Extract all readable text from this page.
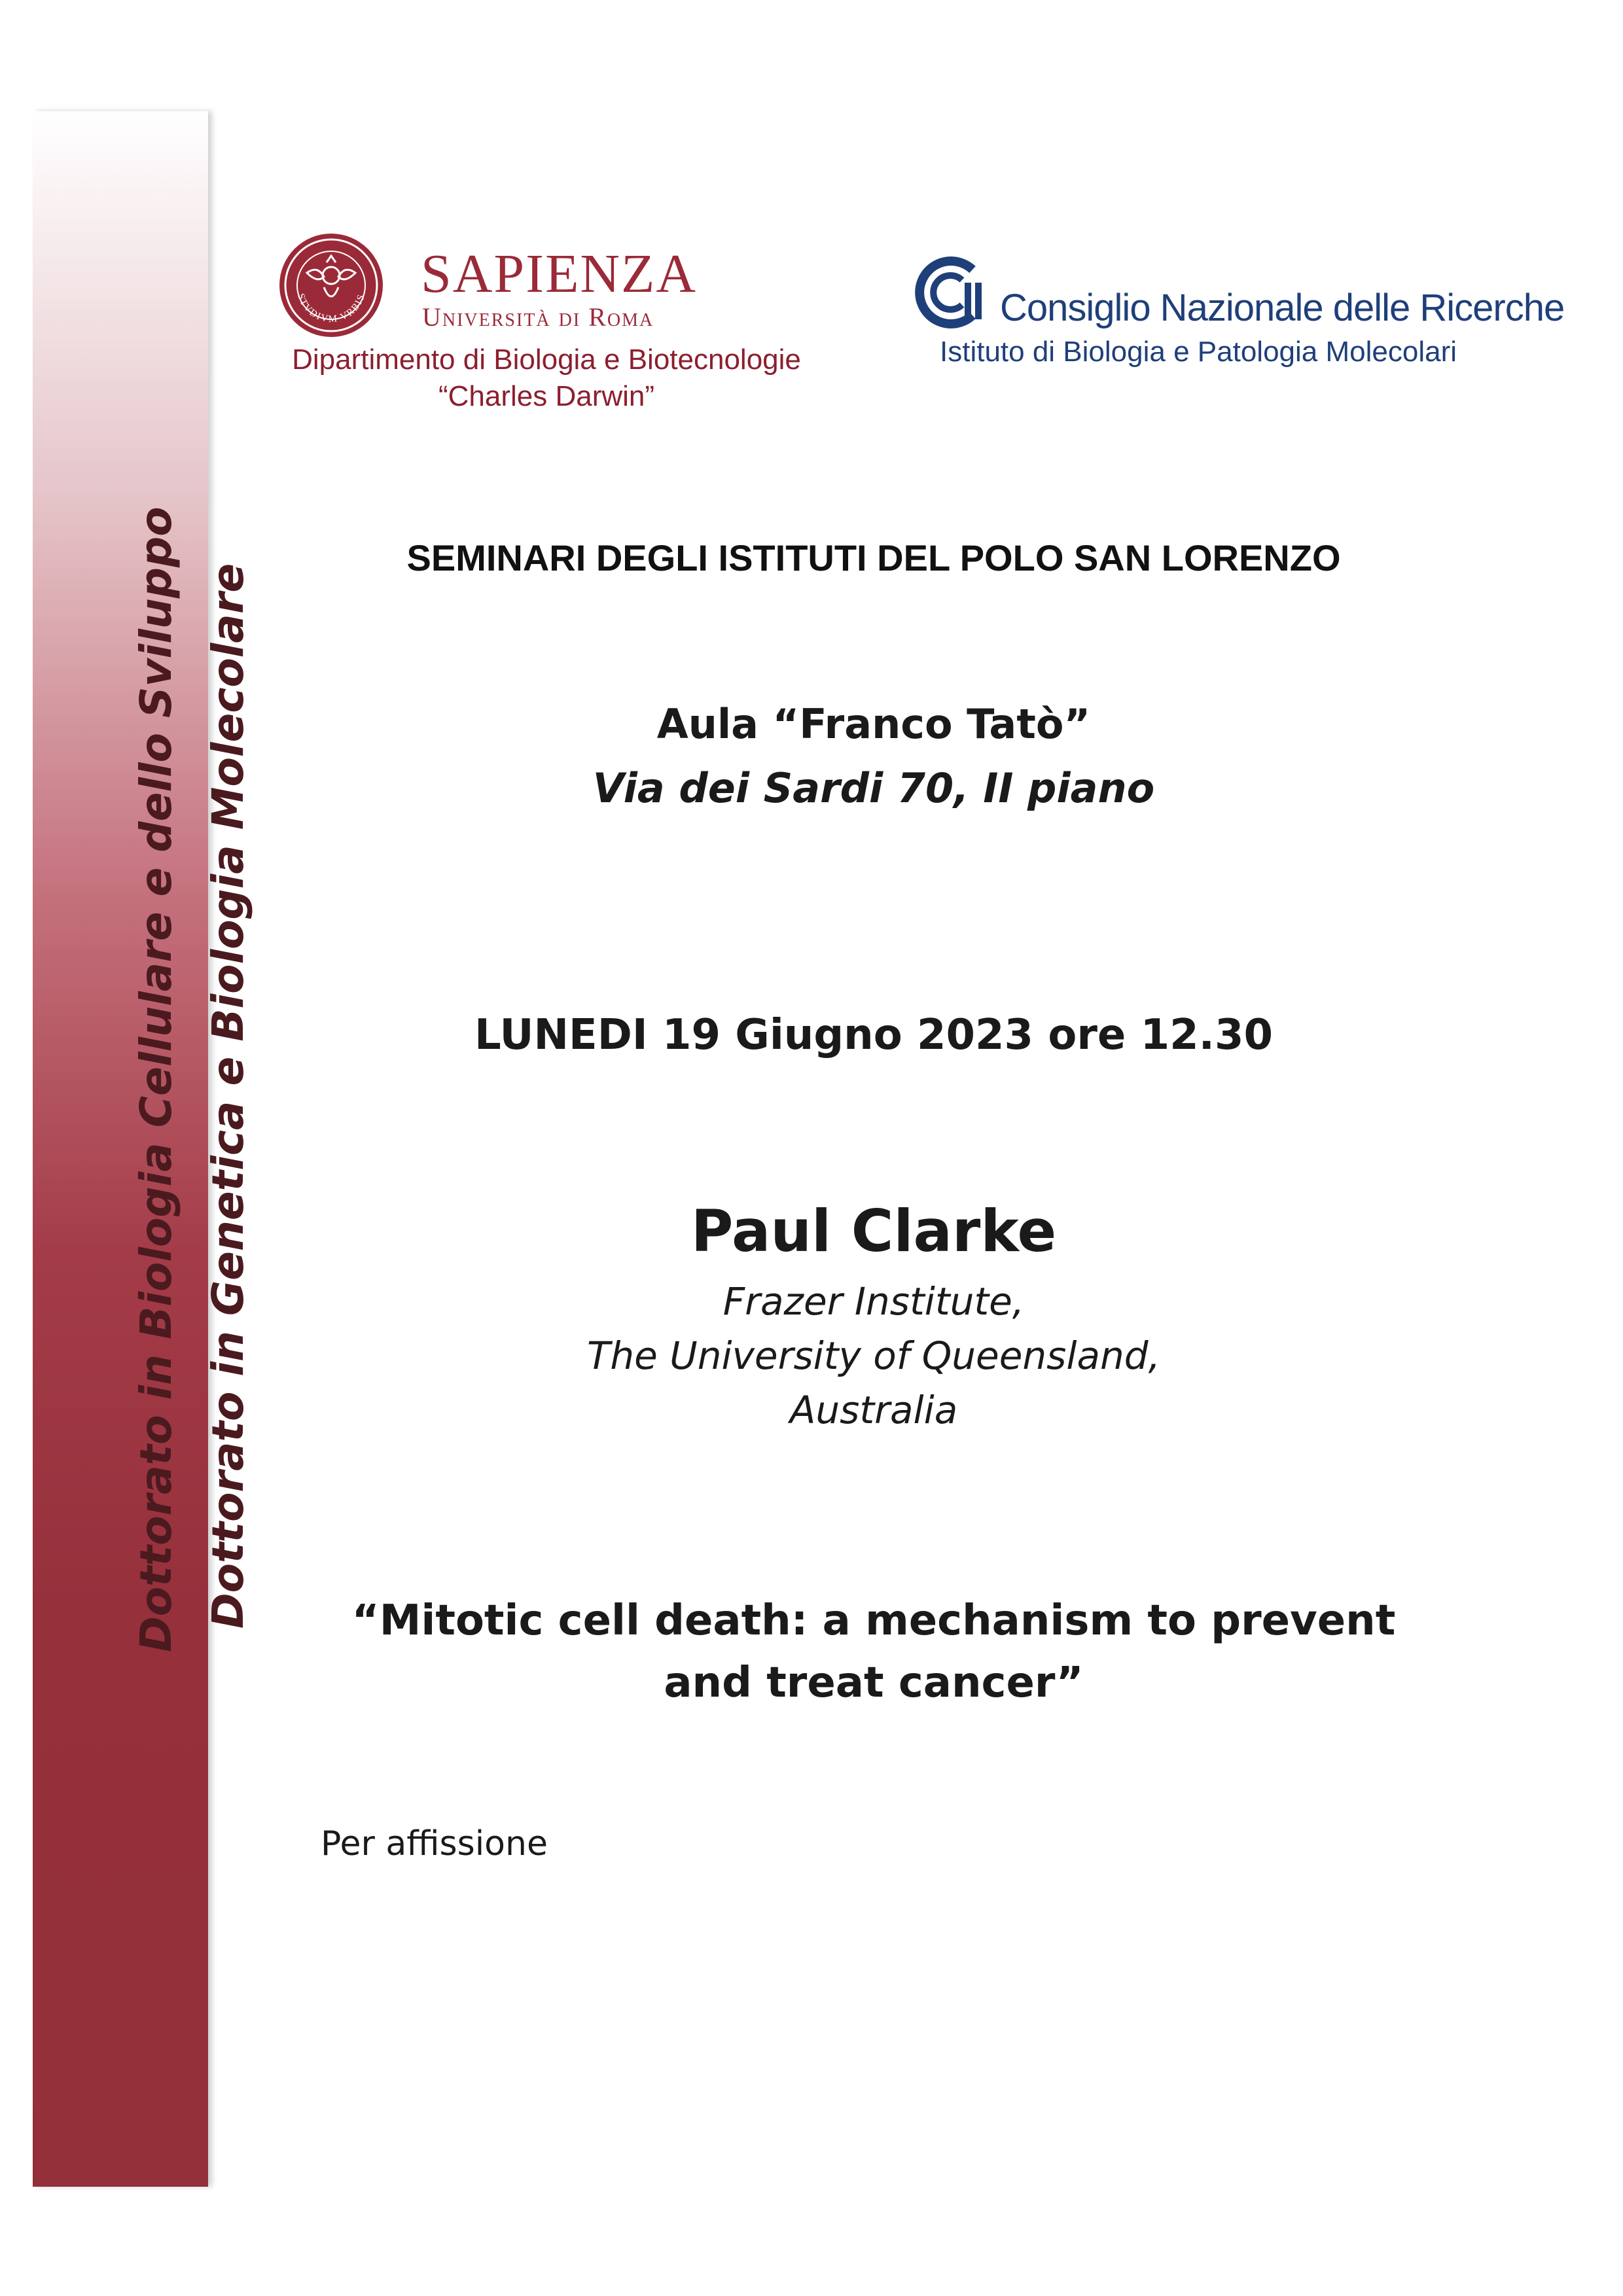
Dottorato in Biologia Cellulare e dello Sviluppo Dottorato in Genetica e Biologia Molecolare
STVDIVM VRBIS SAPIENZA
Università di Roma
Dipartimento di Biologia e Biotecnologie
“Charles Darwin”
Consiglio Nazionale delle Ricerche
Istituto di Biologia e Patologia Molecolari
SEMINARI DEGLI ISTITUTI DEL POLO SAN LORENZO
Aula “Franco Tatò”
Via dei Sardi 70, II piano
LUNEDI 19 Giugno 2023 ore 12.30
Paul Clarke
Frazer Institute,
The University of Queensland,
Australia
“Mitotic cell death: a mechanism to prevent
and treat cancer”
Per affissione
